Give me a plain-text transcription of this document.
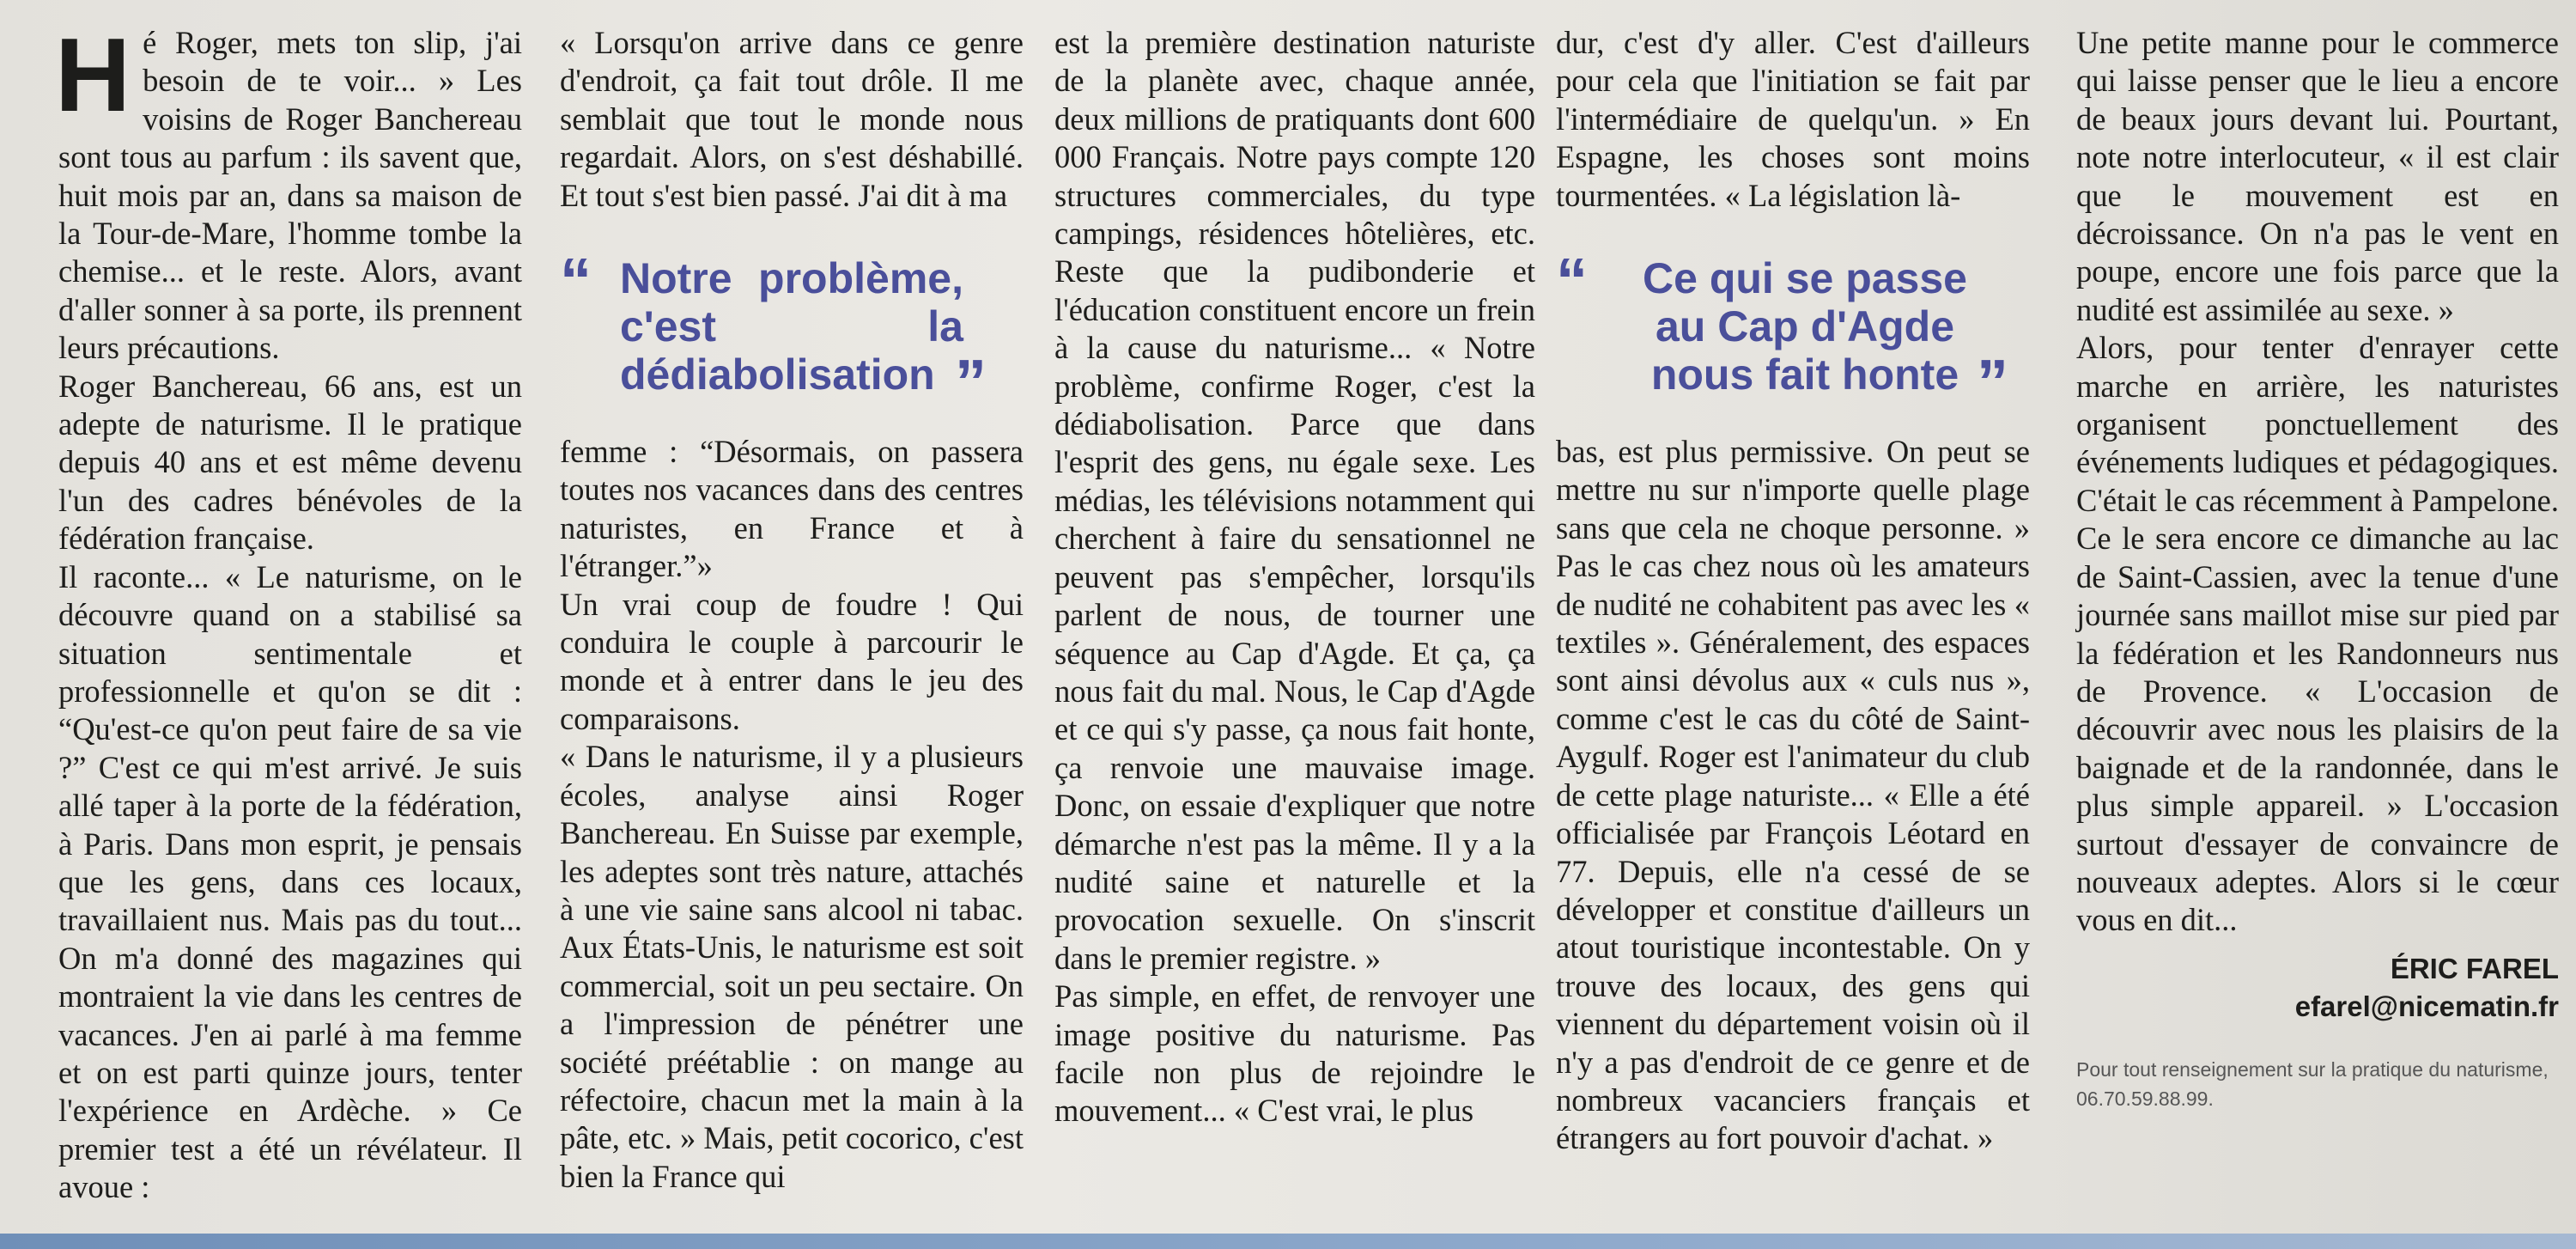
H é Roger, mets ton slip, j'ai besoin de te voir... » Les voisins de Roger Banchereau sont tous au parfum : ils savent que, huit mois par an, dans sa maison de la Tour-de-Mare, l'homme tombe la chemise... et le reste. Alors, avant d'aller sonner à sa porte, ils prennent leurs précautions.

Roger Banchereau, 66 ans, est un adepte de naturisme. Il le pratique depuis 40 ans et est même devenu l'un des cadres bénévoles de la fédération française.

Il raconte... « Le naturisme, on le découvre quand on a stabilisé sa situation sentimentale et professionnelle et qu'on se dit : “Qu'est-ce qu'on peut faire de sa vie ?” C'est ce qui m'est arrivé. Je suis allé taper à la porte de la fédération, à Paris. Dans mon esprit, je pensais que les gens, dans ces locaux, travaillaient nus. Mais pas du tout... On m'a donné des magazines qui montraient la vie dans les centres de vacances. J'en ai parlé à ma femme et on est parti quinze jours, tenter l'expérience en Ardèche. » Ce premier test a été un révélateur. Il avoue :

« Lorsqu'on arrive dans ce genre d'endroit, ça fait tout drôle. Il me semblait que tout le monde nous regardait. Alors, on s'est déshabillé. Et tout s'est bien passé. J'ai dit à ma

“ Notre problème, c'est la dédiabolisation ”

femme : “Désormais, on passera toutes nos vacances dans des centres naturistes, en France et à l'étranger.”»

Un vrai coup de foudre ! Qui conduira le couple à parcourir le monde et à entrer dans le jeu des comparaisons.

« Dans le naturisme, il y a plusieurs écoles, analyse ainsi Roger Banchereau. En Suisse par exemple, les adeptes sont très nature, attachés à une vie saine sans alcool ni tabac. Aux États-Unis, le naturisme est soit commercial, soit un peu sectaire. On a l'impression de pénétrer une société préétablie : on mange au réfectoire, chacun met la main à la pâte, etc. » Mais, petit cocorico, c'est bien la France qui

est la première destination naturiste de la planète avec, chaque année, deux millions de pratiquants dont 600 000 Français. Notre pays compte 120 structures commerciales, du type campings, résidences hôtelières, etc. Reste que la pudibonderie et l'éducation constituent encore un frein à la cause du naturisme... « Notre problème, confirme Roger, c'est la dédiabolisation. Parce que dans l'esprit des gens, nu égale sexe. Les médias, les télévisions notamment qui cherchent à faire du sensationnel ne peuvent pas s'empêcher, lorsqu'ils parlent de nous, de tourner une séquence au Cap d'Agde. Et ça, ça nous fait du mal. Nous, le Cap d'Agde et ce qui s'y passe, ça nous fait honte, ça renvoie une mauvaise image. Donc, on essaie d'expliquer que notre démarche n'est pas la même. Il y a la nudité saine et naturelle et la provocation sexuelle. On s'inscrit dans le premier registre. »

Pas simple, en effet, de renvoyer une image positive du naturisme. Pas facile non plus de rejoindre le mouvement... « C'est vrai, le plus

dur, c'est d'y aller. C'est d'ailleurs pour cela que l'initiation se fait par l'intermédiaire de quelqu'un. » En Espagne, les choses sont moins tourmentées. « La législation là-

“ Ce qui se passe au Cap d'Agde nous fait honte ”

bas, est plus permissive. On peut se mettre nu sur n'importe quelle plage sans que cela ne choque personne. » Pas le cas chez nous où les amateurs de nudité ne cohabitent pas avec les « textiles ». Généralement, des espaces sont ainsi dévolus aux « culs nus », comme c'est le cas du côté de Saint-Aygulf. Roger est l'animateur du club de cette plage naturiste... « Elle a été officialisée par François Léotard en 77. Depuis, elle n'a cessé de se développer et constitue d'ailleurs un atout touristique incontestable. On y trouve des locaux, des gens qui viennent du département voisin où il n'y a pas d'endroit de ce genre et de nombreux vacanciers français et étrangers au fort pouvoir d'achat. »

Une petite manne pour le commerce qui laisse penser que le lieu a encore de beaux jours devant lui. Pourtant, note notre interlocuteur, « il est clair que le mouvement est en décroissance. On n'a pas le vent en poupe, encore une fois parce que la nudité est assimilée au sexe. »

Alors, pour tenter d'enrayer cette marche en arrière, les naturistes organisent ponctuellement des événements ludiques et pédagogiques. C'était le cas récemment à Pampelone. Ce le sera encore ce dimanche au lac de Saint-Cassien, avec la tenue d'une journée sans maillot mise sur pied par la fédération et les Randonneurs nus de Provence. « L'occasion de découvrir avec nous les plaisirs de la baignade et de la randonnée, dans le plus simple appareil. » L'occasion surtout d'essayer de convaincre de nouveaux adeptes. Alors si le cœur vous en dit...

ÉRIC FAREL
efarel@nicematin.fr
Pour tout renseignement sur la pratique du naturisme, 06.70.59.88.99.
